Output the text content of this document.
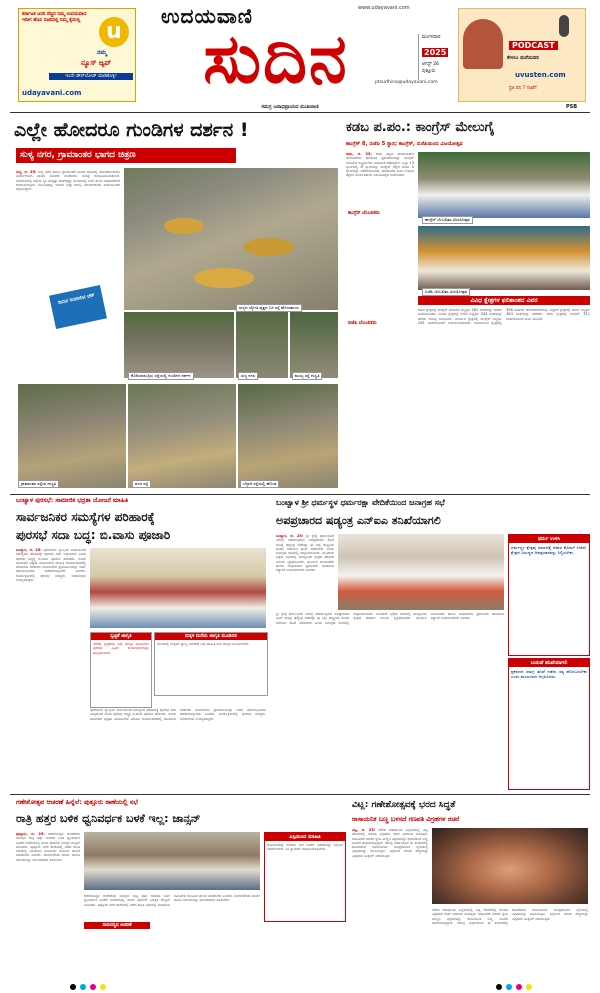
ಕರ್ನಾಟಕ ಜನರ ನೆಚ್ಚಿನ ನಿಮ್ಮ ಉದಯವಾಣಿ ಇದೀಗ ಹೊಸ ರೂಪದಲ್ಲಿ ನಿಮ್ಮ ಕೈಯಲ್ಲಿ	u
ನಮ್ಮ
ನ್ಯೂಸ್ ಆ್ಯಪ್
ಇಂದೇ ಡೌನ್‌ಲೋಡ್ ಮಾಡಿಕೊಳ್ಳಿ!
udayavani.com
ಉದಯವಾಣಿ
ಸುದಿನ
www.udayavani.com
ಸಮಗ್ರ ಜನಾಭಿಪ್ರಾಯದ ಮುಖವಾಣಿ
ptsudhina@udayavani.com
ಮಂಗಳವಾರ
2025
ಆಗಸ್ಟ್ 26
ಪುತ್ತೂರು
PODCAST
ಕೇಳಲು ಮರೆಯದಿರಿ
uvusten.com
ಪ್ರತಿ ದಿನ 7 ಗಂಟೆಗೆ
PSB
ಎಲ್ಲೇ ಹೋದರೂ ಗುಂಡಿಗಳ ದರ್ಶನ !
ಸುಳ್ಯ ನಗರ, ಗ್ರಾಮಾಂತರ ಭಾಗದ ಚಿತ್ರಣ
ಸುಳ್ಯ, ಆ. 25: ಸುಳ್ಯ ನಗರ ಹಾಗೂ ಗ್ರಾಮಾಂತರ ಭಾಗದ ರಸ್ತೆಗಳಲ್ಲಿ ಹೊಂಡಗುಂಡಿಗಳು ನಿರ್ಮಾಣವಾಗಿ ವಾಹನ ಸವಾರರು ಸಂಚರಿಸಲು ಸಂಕಷ್ಟ ಅನುಭವಿಸುವಂತಾಗಿದೆ. ಮಳೆಗಾಲದಲ್ಲಿ ರಸ್ತೆಗಳ ಸ್ಥಿತಿ ಮತ್ತಷ್ಟು ಹದಗೆಟ್ಟಿದ್ದು ಗುಂಡಿಗಳಲ್ಲಿ ನೀರು ತುಂಬಿ ಅಪಘಾತಗಳಿಗೆ ಕಾರಣವಾಗುತ್ತಿದೆ. ಸಂಬಂಧಪಟ್ಟ ಇಲಾಖೆ ಶೀಘ್ರ ದುರಸ್ತಿ ಮಾಡಬೇಕೆಂದು ಸಾರ್ವಜನಿಕರು ಆಗ್ರಹಿಸಿದ್ದಾರೆ.
ಸುದಿನ ರಿಯಾಲಿಟಿ ಚೆಕ್
ಸುಳ್ಯದ ಜ್ಯೋತಿ ವೃತ್ತದ ಬಳಿ ರಸ್ತೆ ಹೊಂಡಮಯ
ಕೊಡಿಯಾಲಬೈಲು ರಸ್ತೆಯಲ್ಲಿ ಗುಂಡಿಗಳ ದರ್ಶನ	ಸುಳ್ಯ ನಗರ	ಮುಖ್ಯ ರಸ್ತೆ ದುಸ್ಥಿತಿ
ಗ್ರಾಮಾಂತರ ರಸ್ತೆಯ ದುಸ್ಥಿತಿ	ಪಂಜ ರಸ್ತೆ	ಬೆಳ್ಳಾರೆ ರಸ್ತೆಯಲ್ಲಿ ಹೊಂಡ
ಕಡಬ ಪ.ಪಂ.: ಕಾಂಗ್ರೆಸ್ ಮೇಲುಗೈ
ಕಾಂಗ್ರೆಸ್ 8, ಬಿಜೆಪಿ 5 ಸ್ಥಾನ; ಕಾಂಗ್ರೆಸ್, ಬಿಜೆಪಿಯಿಂದ ವಿಜಯೋತ್ಸವ
ಕಡಬ, ಆ. 25: ಕಡಬ ಪಟ್ಟಣ ಪಂಚಾಯತ್‌ನ ಚುನಾವಣೆಯ ಫಲಿತಾಂಶ ಪ್ರಕಟಗೊಂಡಿದ್ದು ಕಾಂಗ್ರೆಸ್ ಬೆಂಬಲಿತ ಅಭ್ಯರ್ಥಿಗಳು ಬಹುಮತ ಪಡೆದಿದ್ದಾರೆ. ಒಟ್ಟು 13 ಸ್ಥಾನಗಳಲ್ಲಿ 8 ಸ್ಥಾನಗಳನ್ನು ಕಾಂಗ್ರೆಸ್ ಗೆದ್ದರೆ ಬಿಜೆಪಿ 5 ಸ್ಥಾನಗಳನ್ನು ಪಡೆದುಕೊಂಡಿದೆ. ಫಲಿತಾಂಶದ ಬಳಿಕ ಉಭಯ ಪಕ್ಷಗಳ ಕಾರ್ಯಕರ್ತರು ವಿಜಯೋತ್ಸವ ಆಚರಿಸಿದರು.
ಕಾಂಗ್ರೆಸ್ ಬೆಂಬಲಿತರು
ಬಿಜೆಪಿ ಬೆಂಬಲಿತರು
ಕಾಂಗ್ರೆಸ್ ಬೆಂಬಲಿತರ ವಿಜಯೋತ್ಸವ
ಬಿಜೆಪಿ ಬೆಂಬಲಿತರ ವಿಜಯೋತ್ಸವ
ವಿವಿಧ ಕ್ಷೇತ್ರಗಳ ಫಲಿತಾಂಶದ ವಿವರ
ಕಳಾರ ಕ್ಷೇತ್ರದಲ್ಲಿ ಕಾಂಗ್ರೆಸ್ ಬೆಂಬಲಿತ ಅಭ್ಯರ್ಥಿ 281 ಮತಗಳನ್ನು ಪಡೆದು ಜಯಗಳಿಸಿದರು. ಪಿಜಕಳ ಕ್ಷೇತ್ರದಲ್ಲಿ ಬಿಜೆಪಿ ಅಭ್ಯರ್ಥಿ 334 ಮತಗಳನ್ನು ಪಡೆದು ಗೆಲುವು ಸಾಧಿಸಿದರು. ಮರ್ದಾಳ ಕ್ಷೇತ್ರದಲ್ಲಿ ಕಾಂಗ್ರೆಸ್ ಅಭ್ಯರ್ಥಿ 261 ಮತಗಳೊಂದಿಗೆ ಜಯಶಾಲಿಯಾದರು. ಕೋಡಿಂಬಾಳ ಕ್ಷೇತ್ರದಲ್ಲಿ 396 ಮತಗಳು ಚಲಾವಣೆಯಾದವು. ಬೆದ್ರಾಜೆ ಕ್ಷೇತ್ರದಲ್ಲಿ ಬಿಜೆಪಿ ಅಭ್ಯರ್ಥಿ 384 ಮತಗಳನ್ನು ಪಡೆದರು. ಕಡಬ ಕ್ಷೇತ್ರದಲ್ಲಿ ಕಾಂಗ್ರೆಸ್ 311 ಮತಗಳೊಂದಿಗೆ ಜಯ ಸಾಧಿಸಿದೆ.
ಬಂಟ್ವಾಳ ಪುರಸಭೆ: ಸಾಮಾಜಿಕ ಭದ್ರತಾ ಯೋಜನೆ ಮಾಹಿತಿ
ಸಾರ್ವಜನಿಕರ ಸಮಸ್ಯೆಗಳ ಪರಿಹಾರಕ್ಕೆ
ಪುರಸಭೆ ಸದಾ ಬದ್ಧ: ಬಿ.ವಾಸು ಪೂಜಾರಿ
ಬಂಟ್ವಾಳ, ಆ. 25: ಪುರಸಭೆಯ ವ್ಯಾಪ್ತಿಯ ಸಾರ್ವಜನಿಕರ ಸಮಸ್ಯೆಗಳ ಪರಿಹಾರಕ್ಕೆ ಪುರಸಭೆ ಸದಾ ಬದ್ಧವಾಗಿದೆ ಎಂದು ಪುರಸಭೆ ಅಧ್ಯಕ್ಷ ಬಿ.ವಾಸು ಪೂಜಾರಿ ಹೇಳಿದರು. ಅವರು ಸಾಮಾಜಿಕ ಭದ್ರತಾ ಯೋಜನೆಗಳ ಮಾಹಿತಿ ಕಾರ್ಯಾಗಾರದಲ್ಲಿ ಮಾತನಾಡಿ ಸರಕಾರದ ಯೋಜನೆಗಳ ಪ್ರಯೋಜನವನ್ನು ಅರ್ಹ ಫಲಾನುಭವಿಗಳು ಪಡೆದುಕೊಳ್ಳಬೇಕು ಎಂದರು. ಕಾರ್ಯಕ್ರಮದಲ್ಲಿ ಪುರಸಭೆ ಸದಸ್ಯರು, ಅಧಿಕಾರಿಗಳು ಉಪಸ್ಥಿತರಿದ್ದರು.
ಸ್ವಚ್ಛತೆ ಜಾಗೃತಿ
ನಗರದ ಸ್ವಚ್ಛತೆಯ ಬಗ್ಗೆ ಜಾಗೃತಿ ಮೂಡಿಸಲು ಪುರಸಭೆ ವಿವಿಧ ಕಾರ್ಯಕ್ರಮಗಳನ್ನು ಹಮ್ಮಿಕೊಂಡಿದೆ.
ಮಕ್ಕಳ ಮನೆಯ ಜಾಗೃತಿ ಮೂಡಿಸಲಿ
ಮನೆಯಲ್ಲಿ ಮಕ್ಕಳಿಗೆ ತ್ಯಾಜ್ಯ ವಿಂಗಡಣೆ ಬಗ್ಗೆ ಮಾಹಿತಿ ನೀಡಿ ಜಾಗೃತಿ ಮೂಡಿಸಬೇಕು.
ಪುರಸಭೆಯ ವ್ಯಾಪ್ತಿಯ ಸಾರ್ವಜನಿಕರ ಸಮಸ್ಯೆಗಳ ಪರಿಹಾರಕ್ಕೆ ಪುರಸಭೆ ಸದಾ ಬದ್ಧವಾಗಿದೆ ಎಂದು ಪುರಸಭೆ ಅಧ್ಯಕ್ಷ ಬಿ.ವಾಸು ಪೂಜಾರಿ ಹೇಳಿದರು. ಅವರು ಸಾಮಾಜಿಕ ಭದ್ರತಾ ಯೋಜನೆಗಳ ಮಾಹಿತಿ ಕಾರ್ಯಾಗಾರದಲ್ಲಿ ಮಾತನಾಡಿ ಸರಕಾರದ ಯೋಜನೆಗಳ ಪ್ರಯೋಜನವನ್ನು ಅರ್ಹ ಫಲಾನುಭವಿಗಳು ಪಡೆದುಕೊಳ್ಳಬೇಕು ಎಂದರು. ಕಾರ್ಯಕ್ರಮದಲ್ಲಿ ಪುರಸಭೆ ಸದಸ್ಯರು, ಅಧಿಕಾರಿಗಳು ಉಪಸ್ಥಿತರಿದ್ದರು.
ಬಂಟ್ವಾಳ ಶ್ರೀ ಧರ್ಮಸ್ಥಳ ಧರ್ಮರಕ್ಷಾ ವೇದಿಕೆಯಿಂದ ಜನಾಗ್ರಹ ಸಭೆ
ಅಪಪ್ರಚಾರದ ಷಡ್ಯಂತ್ರ ಎನ್‌ಐಎ ತನಿಖೆಯಾಗಲಿ
ಬಂಟ್ವಾಳ, ಆ. 25: ಶ್ರೀ ಕ್ಷೇತ್ರ ಧರ್ಮಸ್ಥಳದ ವಿರುದ್ಧ ನಡೆಯುತ್ತಿರುವ ಅಪಪ್ರಚಾರದ ಹಿಂದೆ ದೊಡ್ಡ ಷಡ್ಯಂತ್ರ ಅಡಗಿದ್ದು ಈ ಬಗ್ಗೆ ರಾಷ್ಟ್ರೀಯ ತನಿಖಾ ದಳದಿಂದ ತನಿಖೆ ನಡೆಸಬೇಕು ಎಂದು ಜನಾಗ್ರಹ ಸಭೆಯಲ್ಲಿ ಆಗ್ರಹಿಸಲಾಯಿತು. ಸಾವಿರಾರು ಭಕ್ತರು ಸಭೆಯಲ್ಲಿ ಪಾಲ್ಗೊಂಡು ಕ್ಷೇತ್ರದ ಪರವಾಗಿ ಬೆಂಬಲ ವ್ಯಕ್ತಪಡಿಸಿದರು. ಧಾರ್ಮಿಕ ಮುಖಂಡರು ಹಾಗೂ ಸಂಘಟನೆಗಳ ಪ್ರಮುಖರು ಮಾತನಾಡಿ ಸತ್ಯಾಂಶ ಬಯಲಾಗಬೇಕು ಎಂದರು.
ಶ್ರೀ ಕ್ಷೇತ್ರ ಧರ್ಮಸ್ಥಳದ ವಿರುದ್ಧ ನಡೆಯುತ್ತಿರುವ ಅಪಪ್ರಚಾರದ ಹಿಂದೆ ದೊಡ್ಡ ಷಡ್ಯಂತ್ರ ಅಡಗಿದ್ದು ಈ ಬಗ್ಗೆ ರಾಷ್ಟ್ರೀಯ ತನಿಖಾ ದಳದಿಂದ ತನಿಖೆ ನಡೆಸಬೇಕು ಎಂದು ಜನಾಗ್ರಹ ಸಭೆಯಲ್ಲಿ ಆಗ್ರಹಿಸಲಾಯಿತು. ಸಾವಿರಾರು ಭಕ್ತರು ಸಭೆಯಲ್ಲಿ ಪಾಲ್ಗೊಂಡು ಕ್ಷೇತ್ರದ ಪರವಾಗಿ ಬೆಂಬಲ ವ್ಯಕ್ತಪಡಿಸಿದರು. ಧಾರ್ಮಿಕ ಮುಖಂಡರು ಹಾಗೂ ಸಂಘಟನೆಗಳ ಪ್ರಮುಖರು ಮಾತನಾಡಿ ಸತ್ಯಾಂಶ ಬಯಲಾಗಬೇಕು ಎಂದರು.
ಧರ್ಮ ಉಳಿಸಿ
ಧರ್ಮಸ್ಥಳ ಕ್ಷೇತ್ರವು ಸಮಾಜಕ್ಕೆ ಅಪಾರ ಕೊಡುಗೆ ನೀಡಿದೆ. ಕ್ಷೇತ್ರದ ವಿರುದ್ಧದ ಅಪಪ್ರಚಾರವನ್ನು ನಿಲ್ಲಿಸಬೇಕು.
ಬುರುಡೆ ತನಿಖೆಯಾಗಲಿ
ಪ್ರಕರಣದ ಸಮಗ್ರ ತನಿಖೆ ನಡೆದು ಸತ್ಯ ಹೊರಬರಬೇಕು ಎಂದು ಮುಖಂಡರು ಆಗ್ರಹಿಸಿದರು.
ಗಣೇಶೋತ್ಸವ ಆಚರಣೆ ಹಿನ್ನೆಲೆ: ಪುತ್ತೂರು ಠಾಣೆಯಲ್ಲಿ ಸಭೆ
ರಾತ್ರಿ ಹತ್ತರ ಬಳಿಕ ಧ್ವನಿವರ್ಧಕ ಬಳಕೆ ಇಲ್ಲ: ಜಾನ್ಸನ್
ಪುತ್ತೂರು, ಆ. 25: ಗಣೇಶೋತ್ಸವ ಆಚರಣೆಯ ಸಂದರ್ಭ ರಾತ್ರಿ ಹತ್ತು ಗಂಟೆಯ ಬಳಿಕ ಧ್ವನಿವರ್ಧಕ ಬಳಕೆಗೆ ಅವಕಾಶವಿಲ್ಲ ಎಂದು ಪೊಲೀಸ್ ನಿರೀಕ್ಷಕ ಜಾನ್ಸನ್ ತಿಳಿಸಿದರು. ಪುತ್ತೂರು ನಗರ ಠಾಣೆಯಲ್ಲಿ ನಡೆದ ಶಾಂತಿ ಸಭೆಯಲ್ಲಿ ಮಾತನಾಡಿ ಸಮಿತಿಗಳು ಕಾನೂನು ಪಾಲನೆ ಮಾಡಬೇಕು ಎಂದರು. ಮೆರವಣಿಗೆಯ ಮಾರ್ಗ ಹಾಗೂ ಸಮಯವನ್ನು ಮುಂಚಿತವಾಗಿ ತಿಳಿಸಬೇಕು.
ಗಣೇಶೋತ್ಸವ ಆಚರಣೆಯ ಸಂದರ್ಭ ರಾತ್ರಿ ಹತ್ತು ಗಂಟೆಯ ಬಳಿಕ ಧ್ವನಿವರ್ಧಕ ಬಳಕೆಗೆ ಅವಕಾಶವಿಲ್ಲ ಎಂದು ಪೊಲೀಸ್ ನಿರೀಕ್ಷಕ ಜಾನ್ಸನ್ ತಿಳಿಸಿದರು. ಪುತ್ತೂರು ನಗರ ಠಾಣೆಯಲ್ಲಿ ನಡೆದ ಶಾಂತಿ ಸಭೆಯಲ್ಲಿ ಮಾತನಾಡಿ ಸಮಿತಿಗಳು ಕಾನೂನು ಪಾಲನೆ ಮಾಡಬೇಕು ಎಂದರು. ಮೆರವಣಿಗೆಯ ಮಾರ್ಗ ಹಾಗೂ ಸಮಯವನ್ನು ಮುಂಚಿತವಾಗಿ ತಿಳಿಸಬೇಕು.
ಎಸ್ಪಿಯಿಂದ ಮಾಹಿತಿ
ಶೋಭಾಯಾತ್ರೆ ಸಂದರ್ಭ ಡಿಜೆ ಬಳಕೆಗೆ ನಿಷೇಧವಿದ್ದು ಎಲ್ಲರೂ ಸಹಕರಿಸಬೇಕು. ಸಿಸಿ ಕ್ಯಾಮರಾ ಅಳವಡಿಸಿಕೊಳ್ಳಬೇಕು.
ಸಾಮರಸ್ಯದ ಆಚರಣೆ
ವಿಟ್ಲ: ಗಣೇಶೋತ್ಸವಕ್ಕೆ ಭರದ ಸಿದ್ಧತೆ
ರಾಸಾಯನಿಕ ಬಣ್ಣ ಬಳಸದೆ ಗಣಪತಿ ವಿಗ್ರಹಗಳ ರಚನೆ
ವಿಟ್ಲ, ಆ. 25: ಗಣೇಶ ಚತುರ್ಥಿಯ ಹಿನ್ನೆಲೆಯಲ್ಲಿ ವಿಟ್ಲ ಪರಿಸರದಲ್ಲಿ ಗಣಪತಿ ವಿಗ್ರಹಗಳ ರಚನೆ ಭರದಿಂದ ಸಾಗುತ್ತಿದೆ. ಕಲಾವಿದರು ಪರಿಸರ ಸ್ನೇಹಿ ಮಣ್ಣಿನ ವಿಗ್ರಹಗಳನ್ನು ರಾಸಾಯನಿಕ ಬಣ್ಣ ಬಳಸದೆ ತಯಾರಿಸುತ್ತಿದ್ದಾರೆ. ಹಲವು ವರ್ಷಗಳಿಂದ ಈ ಕಾಯಕದಲ್ಲಿ ತೊಡಗಿರುವ ಕುಟುಂಬಗಳು ಸಾಂಪ್ರದಾಯಿಕ ಶೈಲಿಯಲ್ಲಿ ವಿಗ್ರಹಗಳನ್ನು ರೂಪಿಸುತ್ತಿವೆ. ಭಕ್ತರಿಂದ ಬೇಡಿಕೆ ಹೆಚ್ಚಾಗಿದ್ದು ವಿಗ್ರಹಗಳ ಬುಕ್ಕಿಂಗ್ ನಡೆಯುತ್ತಿದೆ.
ಗಣೇಶ ಚತುರ್ಥಿಯ ಹಿನ್ನೆಲೆಯಲ್ಲಿ ವಿಟ್ಲ ಪರಿಸರದಲ್ಲಿ ಗಣಪತಿ ವಿಗ್ರಹಗಳ ರಚನೆ ಭರದಿಂದ ಸಾಗುತ್ತಿದೆ. ಕಲಾವಿದರು ಪರಿಸರ ಸ್ನೇಹಿ ಮಣ್ಣಿನ ವಿಗ್ರಹಗಳನ್ನು ರಾಸಾಯನಿಕ ಬಣ್ಣ ಬಳಸದೆ ತಯಾರಿಸುತ್ತಿದ್ದಾರೆ. ಹಲವು ವರ್ಷಗಳಿಂದ ಈ ಕಾಯಕದಲ್ಲಿ ತೊಡಗಿರುವ ಕುಟುಂಬಗಳು ಸಾಂಪ್ರದಾಯಿಕ ಶೈಲಿಯಲ್ಲಿ ವಿಗ್ರಹಗಳನ್ನು ರೂಪಿಸುತ್ತಿವೆ. ಭಕ್ತರಿಂದ ಬೇಡಿಕೆ ಹೆಚ್ಚಾಗಿದ್ದು ವಿಗ್ರಹಗಳ ಬುಕ್ಕಿಂಗ್ ನಡೆಯುತ್ತಿದೆ.
